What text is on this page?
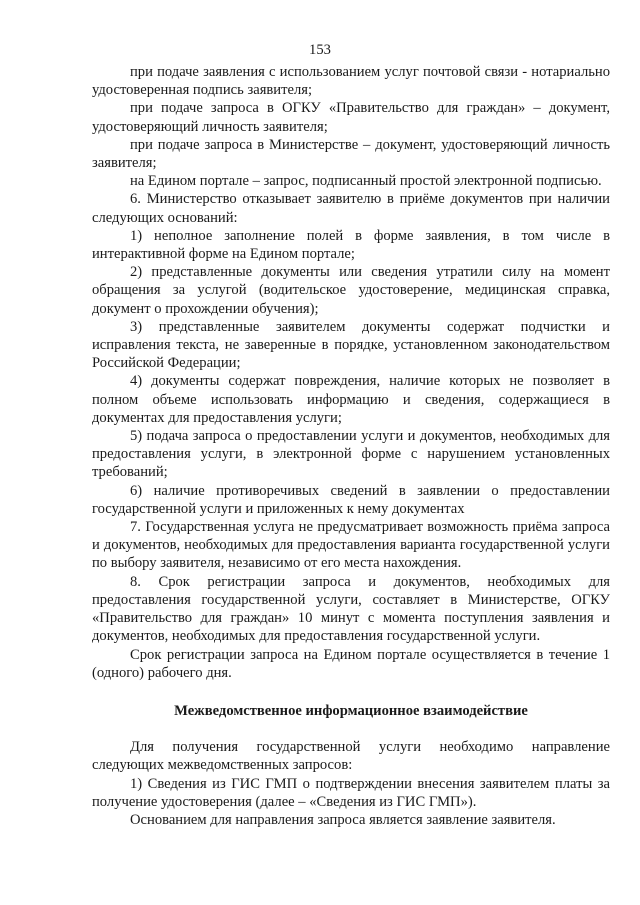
153

при подаче заявления с использованием услуг почтовой связи - нотариально удостоверенная подпись заявителя;

при подаче запроса в ОГКУ «Правительство для граждан» – документ, удостоверяющий личность заявителя;

при подаче запроса в Министерстве – документ, удостоверяющий личность заявителя;

на Едином портале – запрос, подписанный простой электронной подписью.

6. Министерство отказывает заявителю в приёме документов при наличии следующих оснований:

1) неполное заполнение полей в форме заявления, в том числе в интерактивной форме на Едином портале;

2) представленные документы или сведения утратили силу на момент обращения за услугой (водительское удостоверение, медицинская справка, документ о прохождении обучения);

3) представленные заявителем документы содержат подчистки и исправления текста, не заверенные в порядке, установленном законодательством Российской Федерации;

4) документы содержат повреждения, наличие которых не позволяет в полном объеме использовать информацию и сведения, содержащиеся в документах для предоставления услуги;

5) подача запроса о предоставлении услуги и документов, необходимых для предоставления услуги, в электронной форме с нарушением установленных требований;

6) наличие противоречивых сведений в заявлении о предоставлении государственной услуги и приложенных к нему документах

7. Государственная услуга не предусматривает возможность приёма запроса и документов, необходимых для предоставления варианта государственной услуги по выбору заявителя, независимо от его места нахождения.

8. Срок регистрации запроса и документов, необходимых для предоставления государственной услуги, составляет в Министерстве, ОГКУ «Правительство для граждан» 10 минут с момента поступления заявления и документов, необходимых для предоставления государственной услуги.

Срок регистрации запроса на Едином портале осуществляется в течение 1 (одного) рабочего дня.

Межведомственное информационное взаимодействие

Для получения государственной услуги необходимо направление следующих межведомственных запросов:

1) Сведения из ГИС ГМП о подтверждении внесения заявителем платы за получение удостоверения (далее – «Сведения из ГИС ГМП»).

Основанием для направления запроса является заявление заявителя.
